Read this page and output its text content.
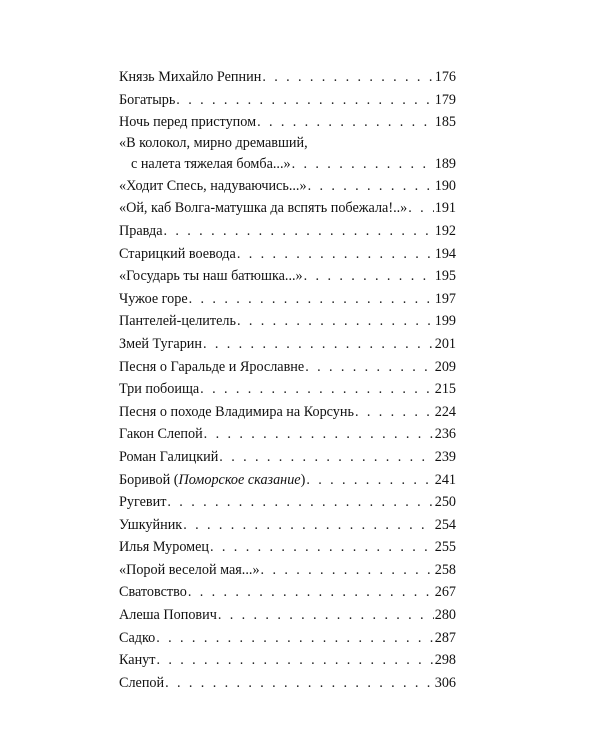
Князь Михайло Репнин . . .	176
Богатырь . . .	179
Ночь перед приступом . . .	185
«В колокол, мирно дремавший,
с налета тяжелая бомба...» . . .	189
«Ходит Спесь, надуваючись...» . . .	190
«Ой, каб Волга-матушка да вспять побежала!..» . . . 191
Правда . . .	192
Старицкий воевода . . .	194
«Государь ты наш батюшка...» . . .	195
Чужое горе . . .	197
Пантелей-целитель . . .	199
Змей Тугарин . . .	201
Песня о Гаральде и Ярославне . . .	209
Три побоища . . .	215
Песня о походе Владимира на Корсунь . . .	224
Гакон Слепой . . .	236
Роман Галицкий . . .	239
Боривой (Поморское сказание) . . .	241
Ругевит . . .	250
Ушкуйник . . .	254
Илья Муромец . . .	255
«Порой веселой мая...» . . .	258
Сватовство . . .	267
Алеша Попович . . .	280
Садко . . .	287
Канут . . .	298
Слепой . . .	306
